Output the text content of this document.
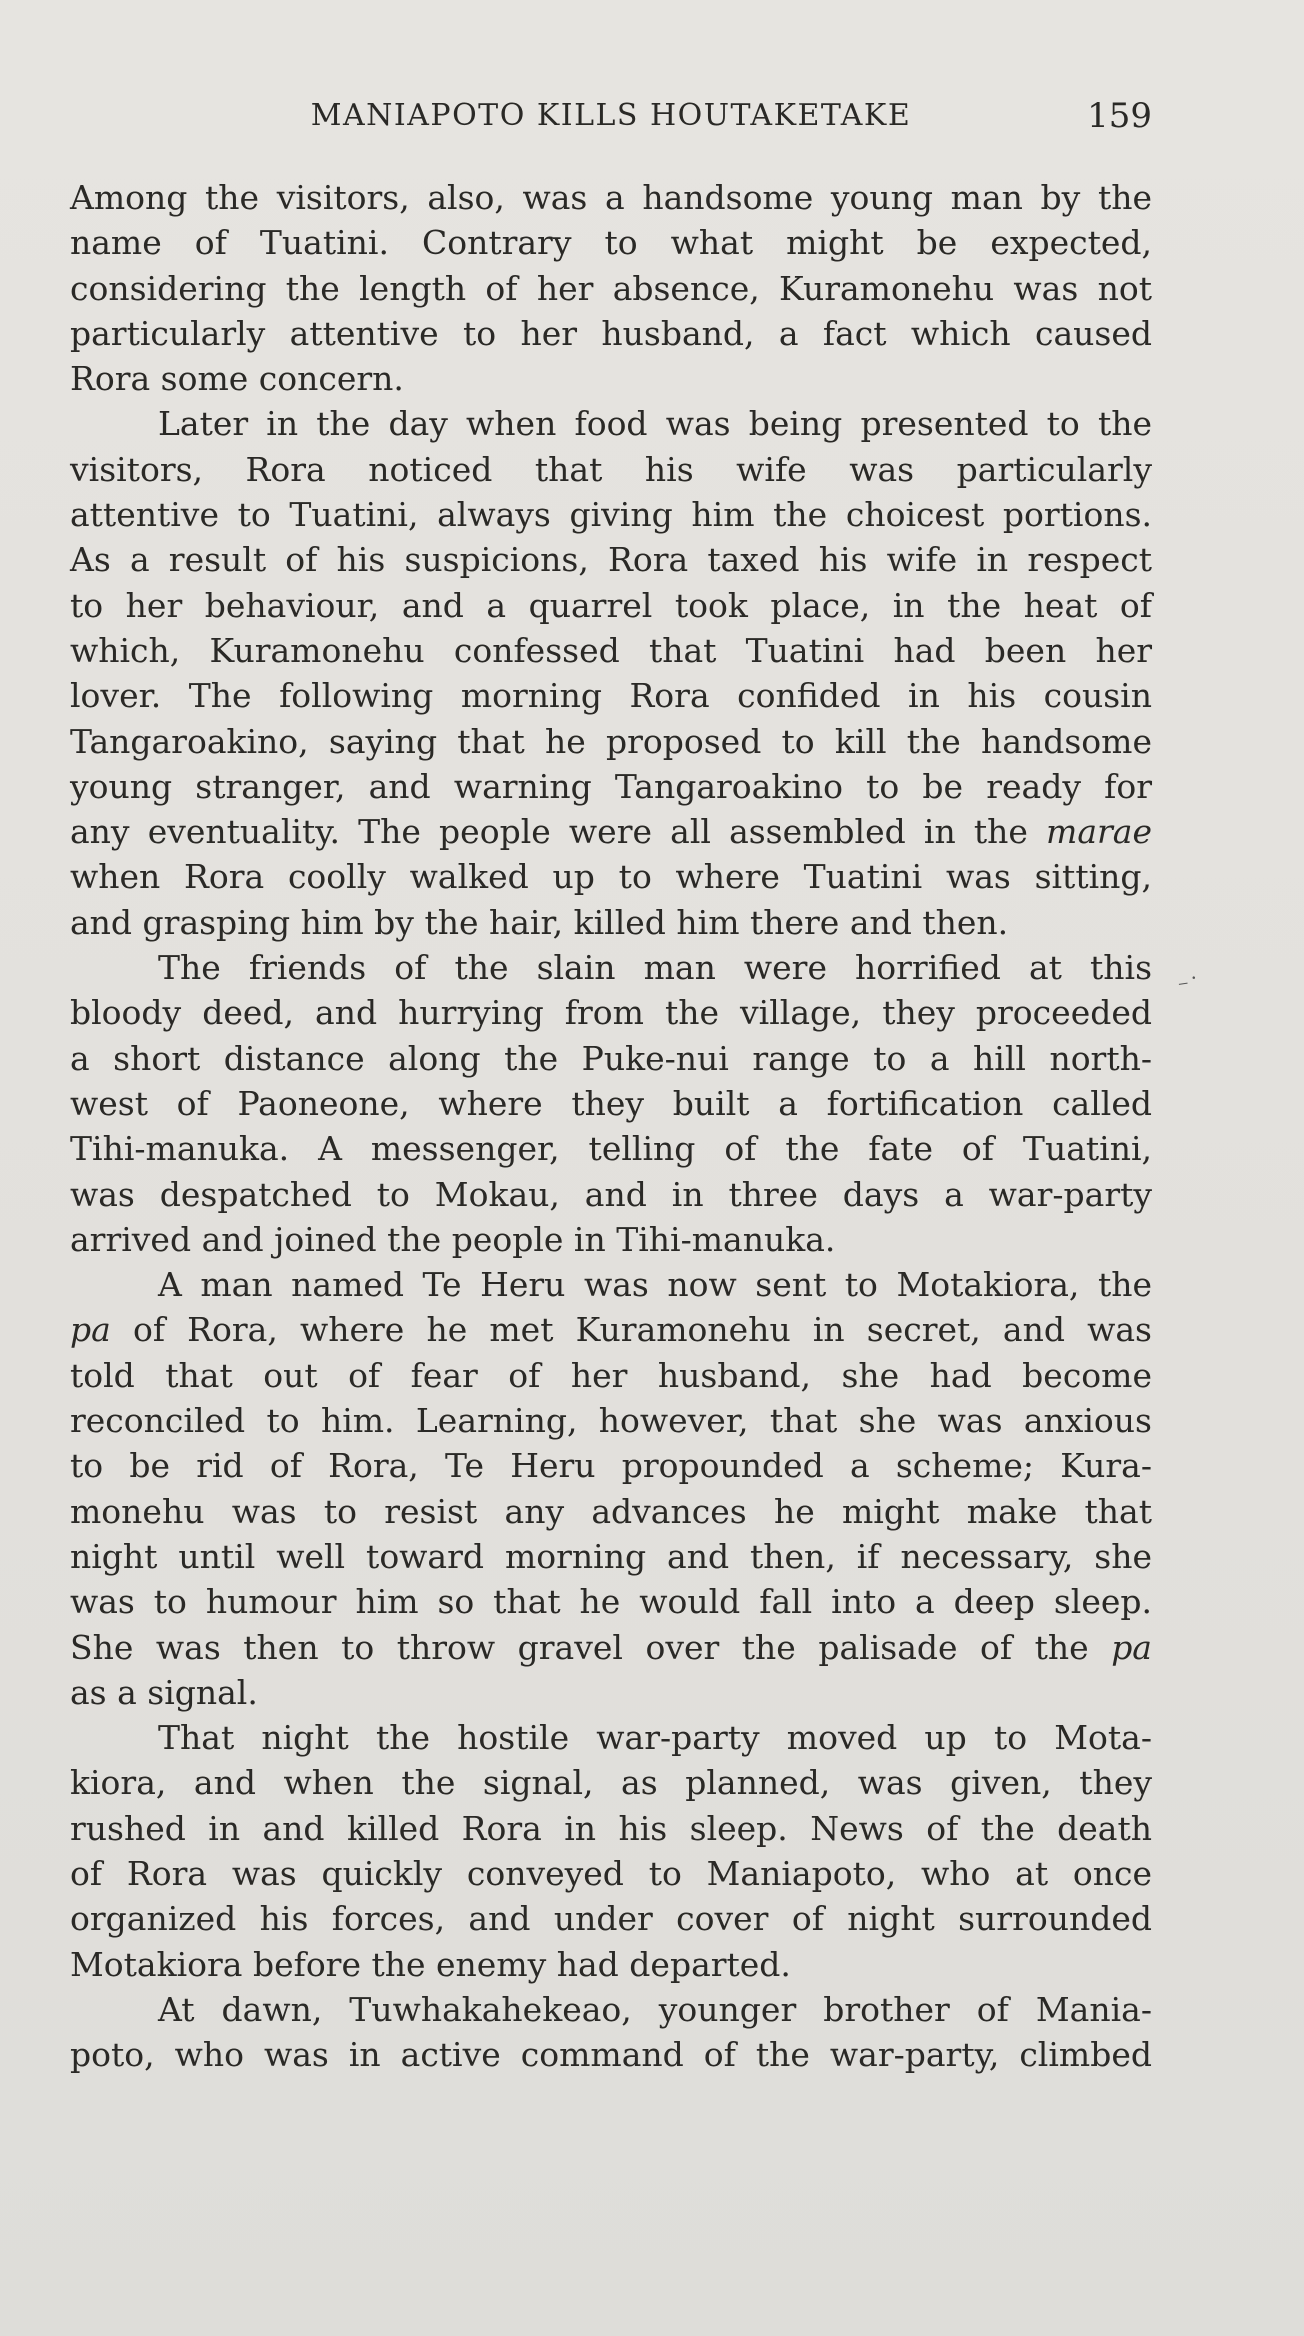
MANIAPOTO KILLS HOUTAKETAKE	159
Among the visitors, also, was a handsome young man by the
name of Tuatini. Contrary to what might be expected,
considering the length of her absence, Kuramonehu was not
particularly attentive to her husband, a fact which caused
Rora some concern.
Later in the day when food was being presented to the
visitors, Rora noticed that his wife was particularly
attentive to Tuatini, always giving him the choicest portions.
As a result of his suspicions, Rora taxed his wife in respect
to her behaviour, and a quarrel took place, in the heat of
which, Kuramonehu confessed that Tuatini had been her
lover. The following morning Rora confided in his cousin
Tangaroakino, saying that he proposed to kill the handsome
young stranger, and warning Tangaroakino to be ready for
any eventuality. The people were all assembled in the marae
when Rora coolly walked up to where Tuatini was sitting,
and grasping him by the hair, killed him there and then.
The friends of the slain man were horrified at this
bloody deed, and hurrying from the village, they proceeded
a short distance along the Puke-nui range to a hill north-
west of Paoneone, where they built a fortification called
Tihi-manuka. A messenger, telling of the fate of Tuatini,
was despatched to Mokau, and in three days a war-party
arrived and joined the people in Tihi-manuka.
A man named Te Heru was now sent to Motakiora, the
pa of Rora, where he met Kuramonehu in secret, and was
told that out of fear of her husband, she had become
reconciled to him. Learning, however, that she was anxious
to be rid of Rora, Te Heru propounded a scheme; Kura-
monehu was to resist any advances he might make that
night until well toward morning and then, if necessary, she
was to humour him so that he would fall into a deep sleep.
She was then to throw gravel over the palisade of the pa
as a signal.
That night the hostile war-party moved up to Mota-
kiora, and when the signal, as planned, was given, they
rushed in and killed Rora in his sleep. News of the death
of Rora was quickly conveyed to Maniapoto, who at once
organized his forces, and under cover of night surrounded
Motakiora before the enemy had departed.
At dawn, Tuwhakahekeao, younger brother of Mania-
poto, who was in active command of the war-party, climbed
⁻˙
